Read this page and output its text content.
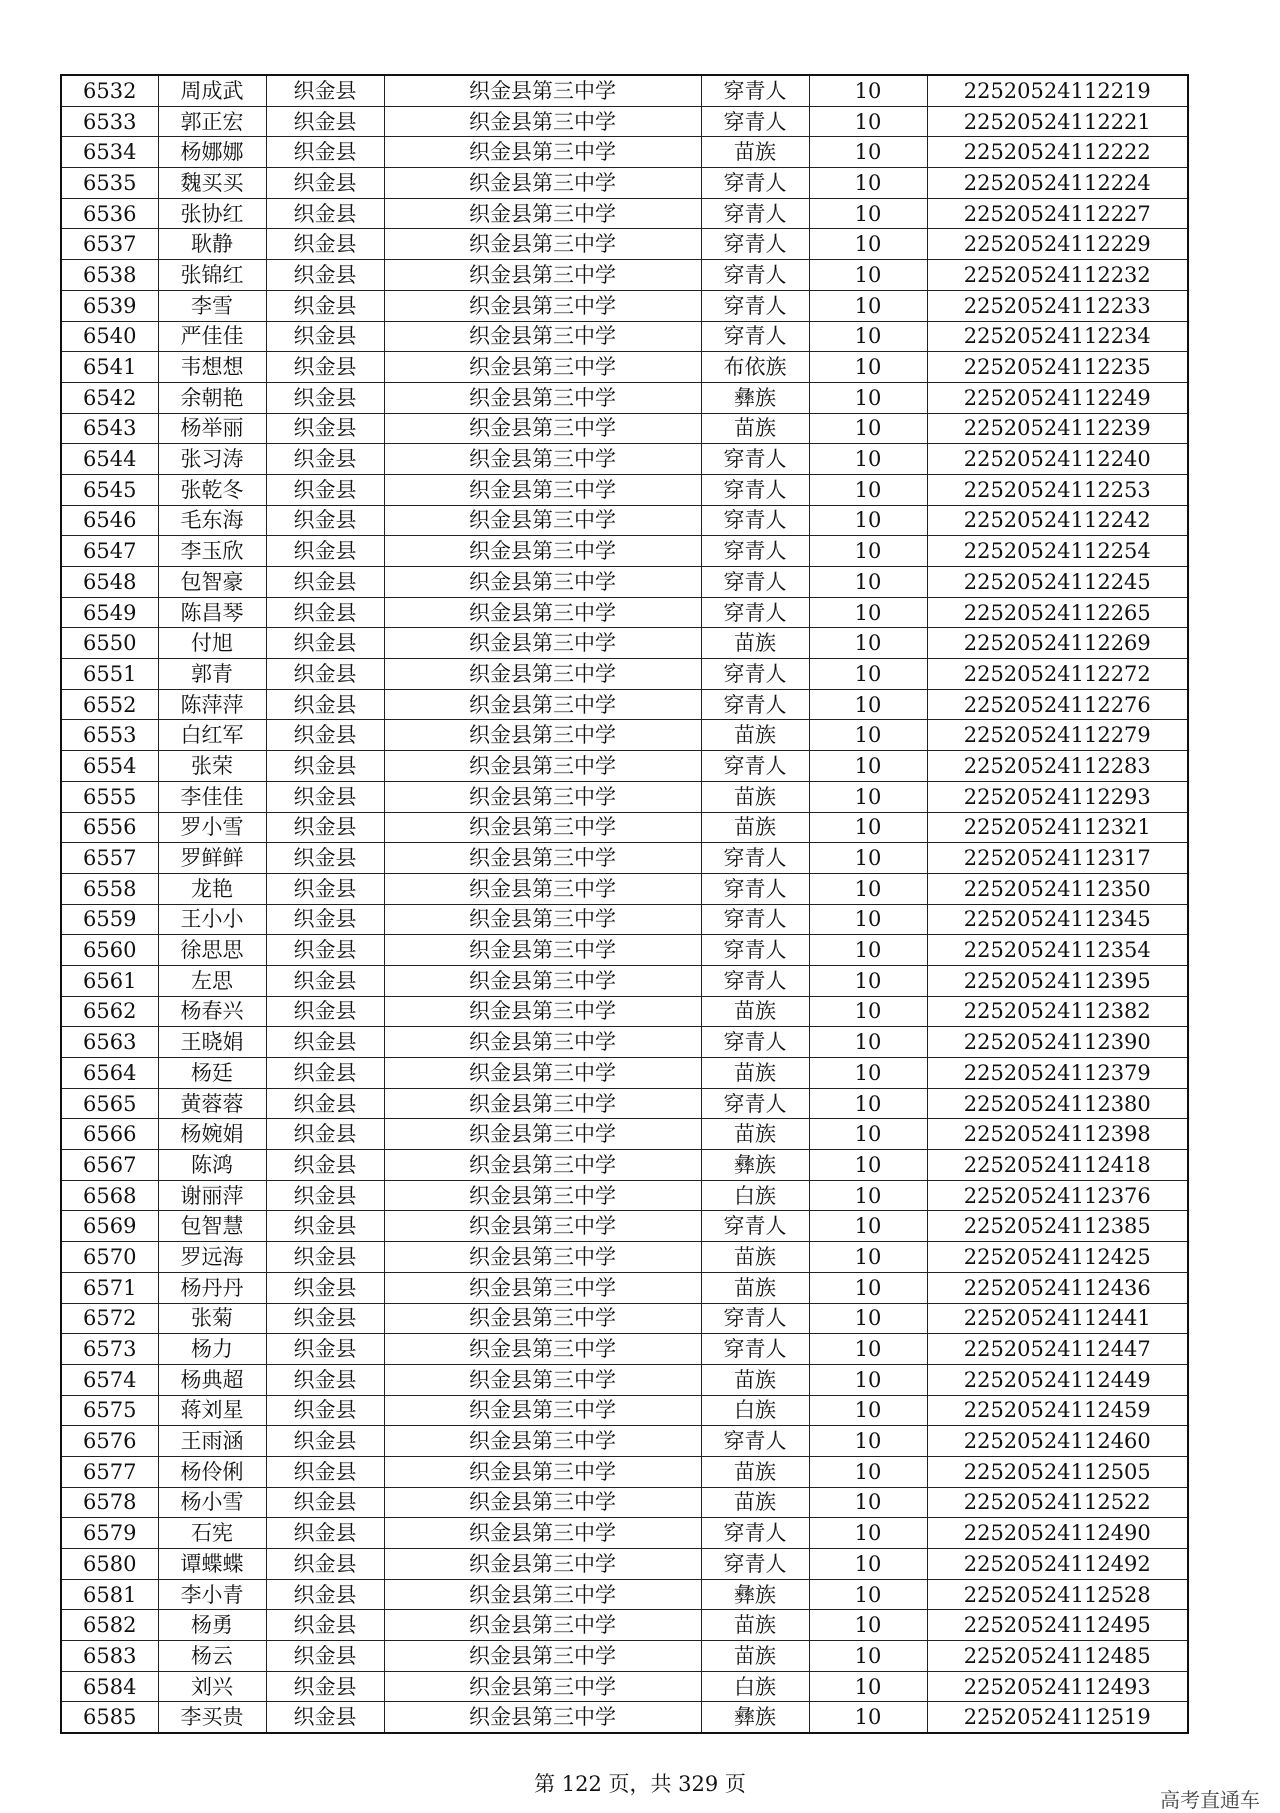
6532	周成武	织金县	织金县第三中学	穿青人	10	22520524112219
6533	郭正宏	织金县	织金县第三中学	穿青人	10	22520524112221
6534	杨娜娜	织金县	织金县第三中学	苗族	10	22520524112222
6535	魏买买	织金县	织金县第三中学	穿青人	10	22520524112224
6536	张协红	织金县	织金县第三中学	穿青人	10	22520524112227
6537	耿静	织金县	织金县第三中学	穿青人	10	22520524112229
6538	张锦红	织金县	织金县第三中学	穿青人	10	22520524112232
6539	李雪	织金县	织金县第三中学	穿青人	10	22520524112233
6540	严佳佳	织金县	织金县第三中学	穿青人	10	22520524112234
6541	韦想想	织金县	织金县第三中学	布依族	10	22520524112235
6542	余朝艳	织金县	织金县第三中学	彝族	10	22520524112249
6543	杨举丽	织金县	织金县第三中学	苗族	10	22520524112239
6544	张习涛	织金县	织金县第三中学	穿青人	10	22520524112240
6545	张乾冬	织金县	织金县第三中学	穿青人	10	22520524112253
6546	毛东海	织金县	织金县第三中学	穿青人	10	22520524112242
6547	李玉欣	织金县	织金县第三中学	穿青人	10	22520524112254
6548	包智豪	织金县	织金县第三中学	穿青人	10	22520524112245
6549	陈昌琴	织金县	织金县第三中学	穿青人	10	22520524112265
6550	付旭	织金县	织金县第三中学	苗族	10	22520524112269
6551	郭青	织金县	织金县第三中学	穿青人	10	22520524112272
6552	陈萍萍	织金县	织金县第三中学	穿青人	10	22520524112276
6553	白红军	织金县	织金县第三中学	苗族	10	22520524112279
6554	张荣	织金县	织金县第三中学	穿青人	10	22520524112283
6555	李佳佳	织金县	织金县第三中学	苗族	10	22520524112293
6556	罗小雪	织金县	织金县第三中学	苗族	10	22520524112321
6557	罗鲜鲜	织金县	织金县第三中学	穿青人	10	22520524112317
6558	龙艳	织金县	织金县第三中学	穿青人	10	22520524112350
6559	王小小	织金县	织金县第三中学	穿青人	10	22520524112345
6560	徐思思	织金县	织金县第三中学	穿青人	10	22520524112354
6561	左思	织金县	织金县第三中学	穿青人	10	22520524112395
6562	杨春兴	织金县	织金县第三中学	苗族	10	22520524112382
6563	王晓娟	织金县	织金县第三中学	穿青人	10	22520524112390
6564	杨廷	织金县	织金县第三中学	苗族	10	22520524112379
6565	黄蓉蓉	织金县	织金县第三中学	穿青人	10	22520524112380
6566	杨婉娟	织金县	织金县第三中学	苗族	10	22520524112398
6567	陈鸿	织金县	织金县第三中学	彝族	10	22520524112418
6568	谢丽萍	织金县	织金县第三中学	白族	10	22520524112376
6569	包智慧	织金县	织金县第三中学	穿青人	10	22520524112385
6570	罗远海	织金县	织金县第三中学	苗族	10	22520524112425
6571	杨丹丹	织金县	织金县第三中学	苗族	10	22520524112436
6572	张菊	织金县	织金县第三中学	穿青人	10	22520524112441
6573	杨力	织金县	织金县第三中学	穿青人	10	22520524112447
6574	杨典超	织金县	织金县第三中学	苗族	10	22520524112449
6575	蒋刘星	织金县	织金县第三中学	白族	10	22520524112459
6576	王雨涵	织金县	织金县第三中学	穿青人	10	22520524112460
6577	杨伶俐	织金县	织金县第三中学	苗族	10	22520524112505
6578	杨小雪	织金县	织金县第三中学	苗族	10	22520524112522
6579	石宪	织金县	织金县第三中学	穿青人	10	22520524112490
6580	谭蝶蝶	织金县	织金县第三中学	穿青人	10	22520524112492
6581	李小青	织金县	织金县第三中学	彝族	10	22520524112528
6582	杨勇	织金县	织金县第三中学	苗族	10	22520524112495
6583	杨云	织金县	织金县第三中学	苗族	10	22520524112485
6584	刘兴	织金县	织金县第三中学	白族	10	22520524112493
6585	李买贵	织金县	织金县第三中学	彝族	10	22520524112519
第 122 页，共 329 页
高考直通车
